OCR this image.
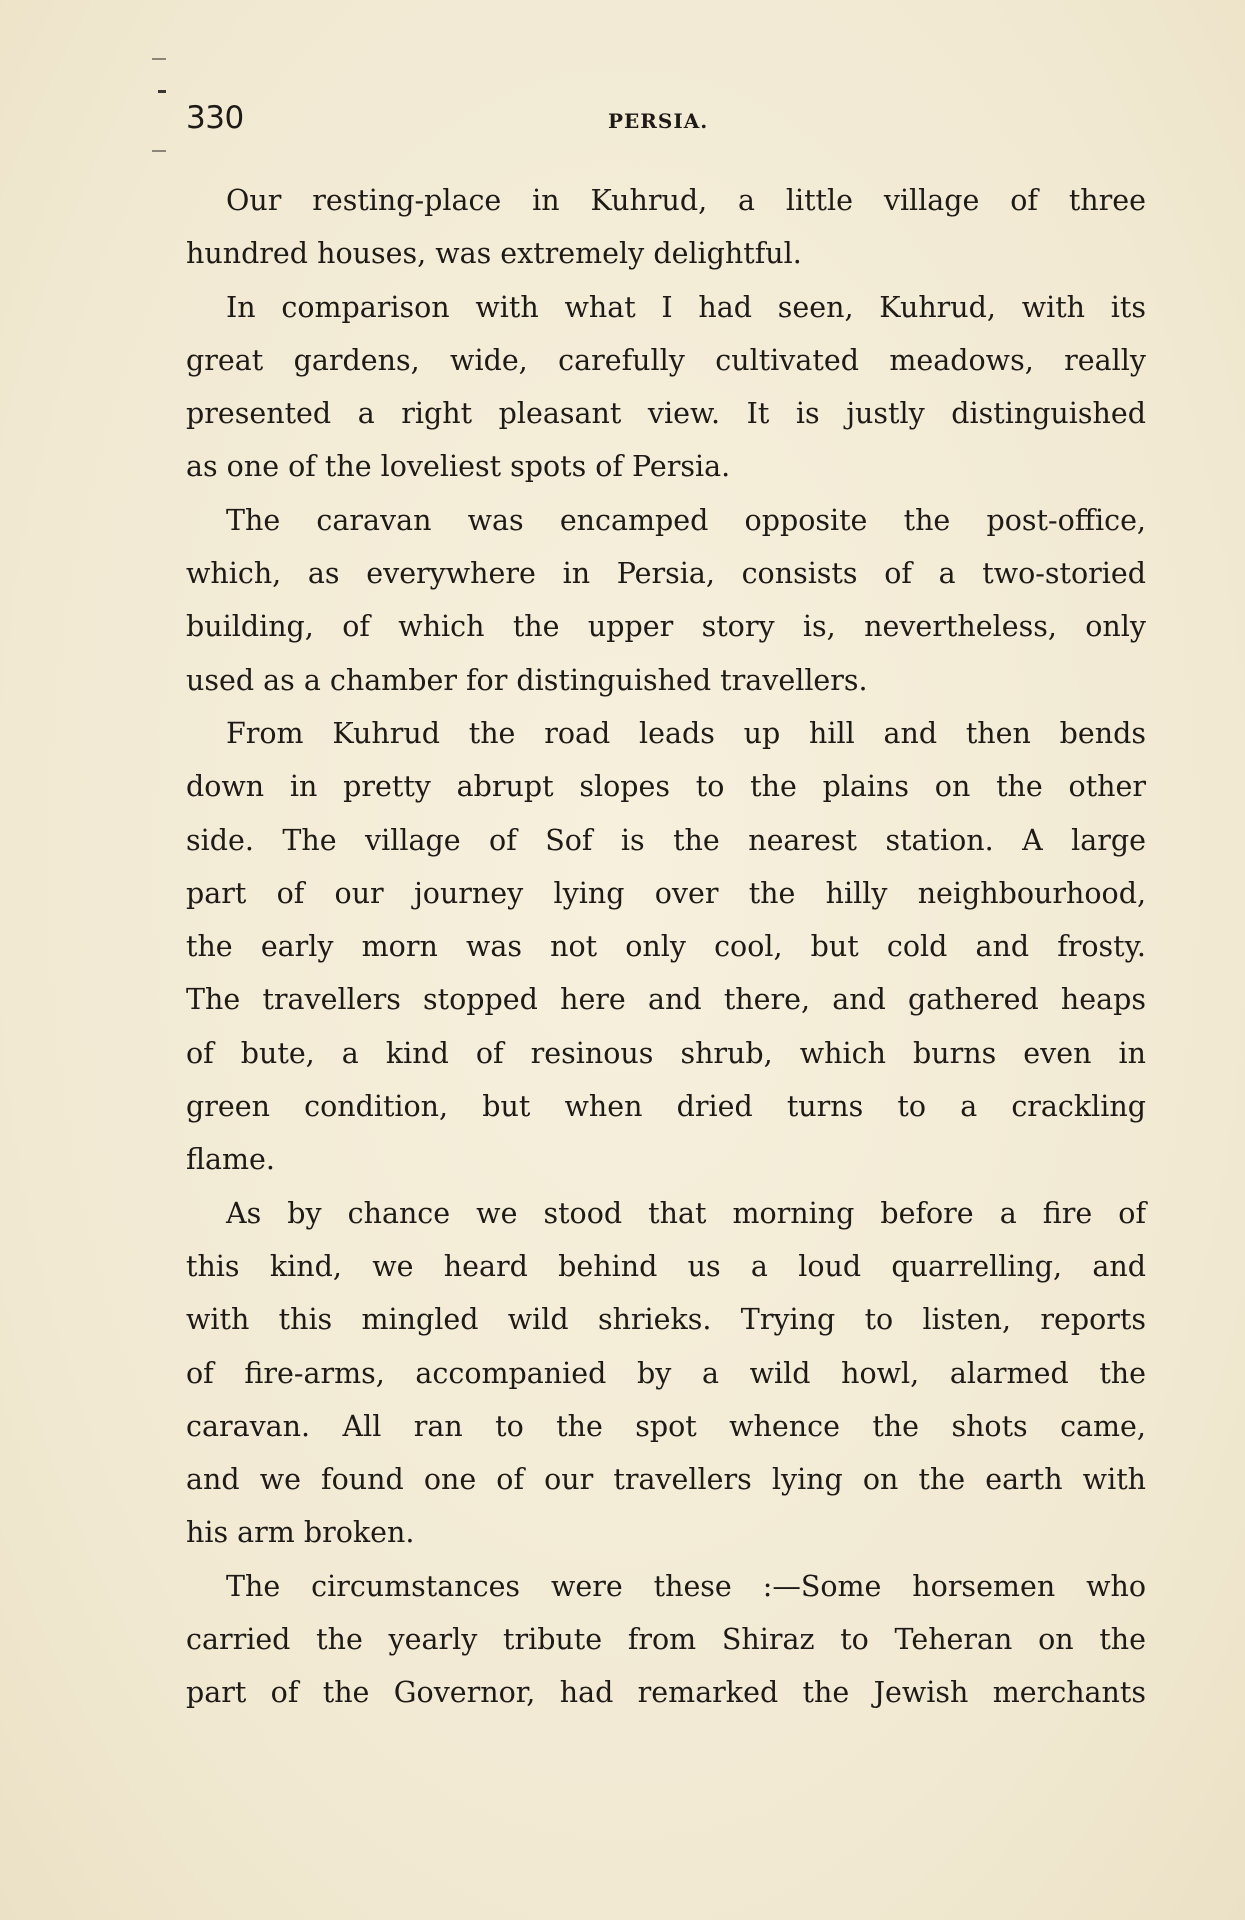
330	PERSIA.
Our resting-place in Kuhrud, a little village of three
hundred houses, was extremely delightful.
In comparison with what I had seen, Kuhrud, with its
great gardens, wide, carefully cultivated meadows, really
presented a right pleasant view. It is justly distinguished
as one of the loveliest spots of Persia.
The caravan was encamped opposite the post-office,
which, as everywhere in Persia, consists of a two-storied
building, of which the upper story is, nevertheless, only
used as a chamber for distinguished travellers.
From Kuhrud the road leads up hill and then bends
down in pretty abrupt slopes to the plains on the other
side. The village of Sof is the nearest station. A large
part of our journey lying over the hilly neighbourhood,
the early morn was not only cool, but cold and frosty.
The travellers stopped here and there, and gathered heaps
of bute, a kind of resinous shrub, which burns even in
green condition, but when dried turns to a crackling
flame.
As by chance we stood that morning before a fire of
this kind, we heard behind us a loud quarrelling, and
with this mingled wild shrieks. Trying to listen, reports
of fire-arms, accompanied by a wild howl, alarmed the
caravan. All ran to the spot whence the shots came,
and we found one of our travellers lying on the earth with
his arm broken.
The circumstances were these :—Some horsemen who
carried the yearly tribute from Shiraz to Teheran on the
part of the Governor, had remarked the Jewish merchants
